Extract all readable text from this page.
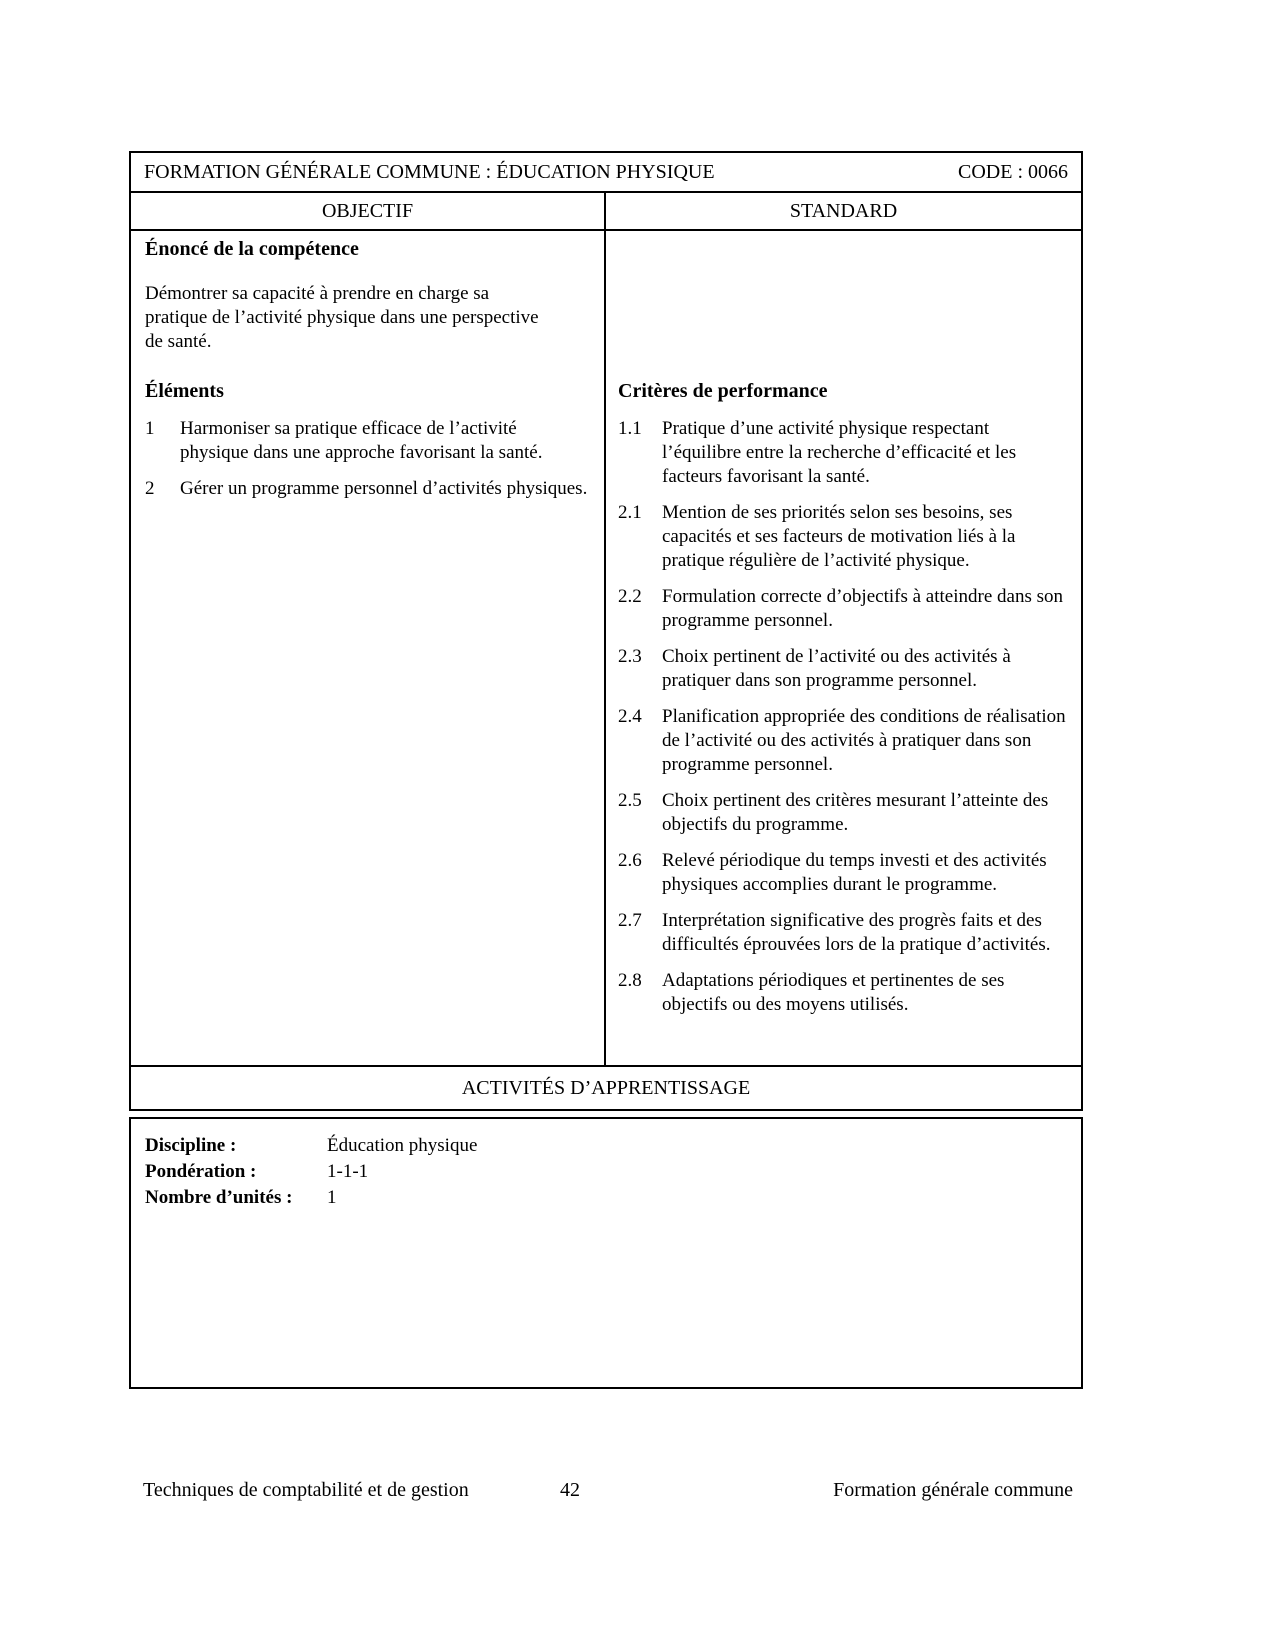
FORMATION GÉNÉRALE COMMUNE : ÉDUCATION PHYSIQUE	CODE : 0066
OBJECTIF	STANDARD
Énoncé de la compétence
Démontrer sa capacité à prendre en charge sa pratique de l’activité physique dans une perspective de santé.
Éléments
1	Harmoniser sa pratique efficace de l’activité physique dans une approche favorisant la santé.
2	Gérer un programme personnel d’activités physiques.
Critères de performance
1.1	Pratique d’une activité physique respectant l’équilibre entre la recherche d’efficacité et les facteurs favorisant la santé.
2.1	Mention de ses priorités selon ses besoins, ses capacités et ses facteurs de motivation liés à la pratique régulière de l’activité physique.
2.2	Formulation correcte d’objectifs à atteindre dans son programme personnel.
2.3	Choix pertinent de l’activité ou des activités à pratiquer dans son programme personnel.
2.4	Planification appropriée des conditions de réalisation de l’activité ou des activités à pratiquer dans son programme personnel.
2.5	Choix pertinent des critères mesurant l’atteinte des objectifs du programme.
2.6	Relevé périodique du temps investi et des activités physiques accomplies durant le programme.
2.7	Interprétation significative des progrès faits et des difficultés éprouvées lors de la pratique d’activités.
2.8	Adaptations périodiques et pertinentes de ses objectifs ou des moyens utilisés.
ACTIVITÉS D’APPRENTISSAGE
Discipline :	Éducation physique
Pondération :	1-1-1
Nombre d’unités :	1
Techniques de comptabilité et de gestion	42	Formation générale commune
